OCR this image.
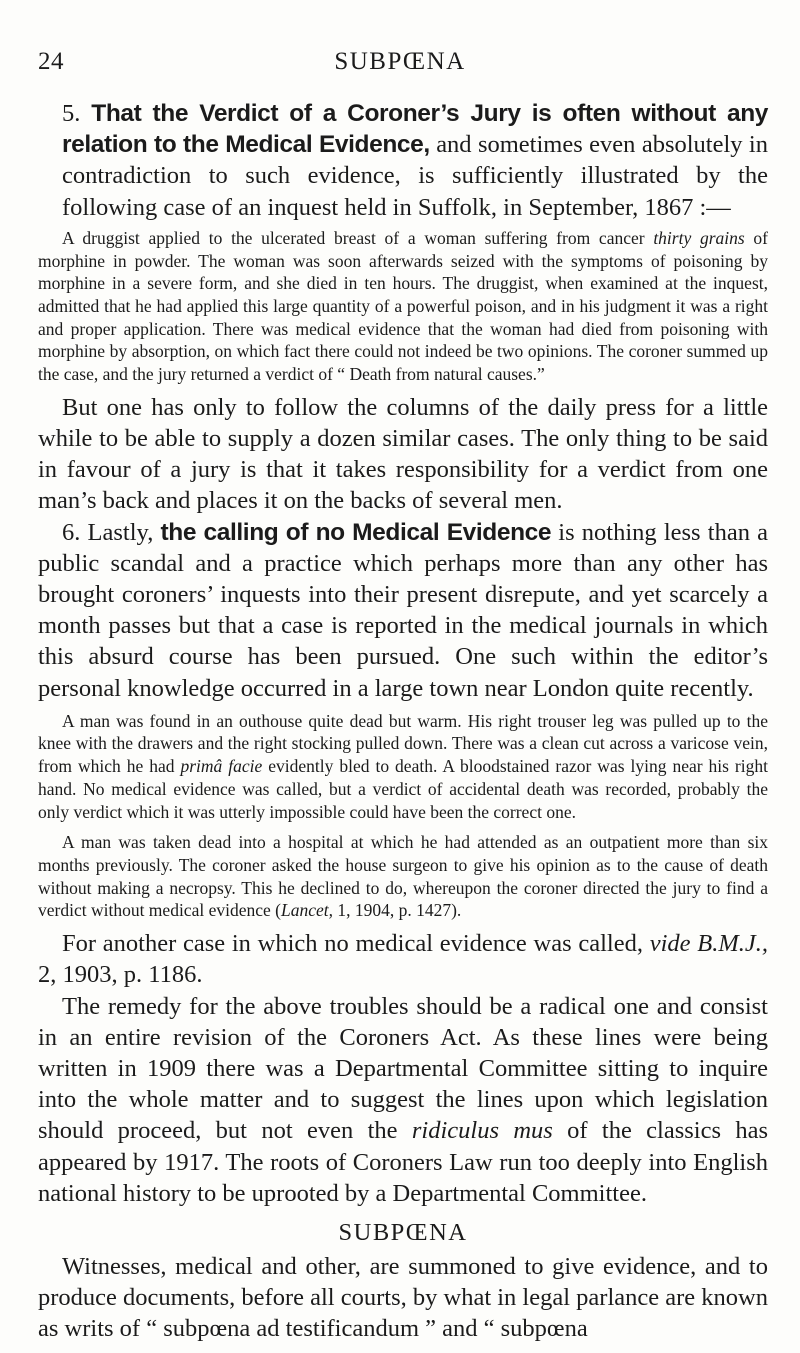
24	SUBPŒNA

5. That the Verdict of a Coroner’s Jury is often without any relation to the Medical Evidence, and sometimes even absolutely in contradiction to such evidence, is sufficiently illustrated by the following case of an inquest held in Suffolk, in September, 1867 :—

A druggist applied to the ulcerated breast of a woman suffering from cancer thirty grains of morphine in powder. The woman was soon afterwards seized with the symptoms of poisoning by morphine in a severe form, and she died in ten hours. The druggist, when examined at the inquest, admitted that he had applied this large quantity of a powerful poison, and in his judgment it was a right and proper application. There was medical evidence that the woman had died from poisoning with morphine by absorption, on which fact there could not indeed be two opinions. The coroner summed up the case, and the jury returned a verdict of “ Death from natural causes.”

But one has only to follow the columns of the daily press for a little while to be able to supply a dozen similar cases. The only thing to be said in favour of a jury is that it takes responsibility for a verdict from one man’s back and places it on the backs of several men.

6. Lastly, the calling of no Medical Evidence is nothing less than a public scandal and a practice which perhaps more than any other has brought coroners’ inquests into their present disrepute, and yet scarcely a month passes but that a case is reported in the medical journals in which this absurd course has been pursued. One such within the editor’s personal knowledge occurred in a large town near London quite recently.

A man was found in an outhouse quite dead but warm. His right trouser leg was pulled up to the knee with the drawers and the right stocking pulled down. There was a clean cut across a varicose vein, from which he had primâ facie evidently bled to death. A bloodstained razor was lying near his right hand. No medical evidence was called, but a verdict of accidental death was recorded, probably the only verdict which it was utterly impossible could have been the correct one.

A man was taken dead into a hospital at which he had attended as an outpatient more than six months previously. The coroner asked the house surgeon to give his opinion as to the cause of death without making a necropsy. This he declined to do, whereupon the coroner directed the jury to find a verdict without medical evidence (Lancet, 1, 1904, p. 1427).

For another case in which no medical evidence was called, vide B.M.J., 2, 1903, p. 1186.

The remedy for the above troubles should be a radical one and consist in an entire revision of the Coroners Act. As these lines were being written in 1909 there was a Departmental Committee sitting to inquire into the whole matter and to suggest the lines upon which legislation should proceed, but not even the ridiculus mus of the classics has appeared by 1917. The roots of Coroners Law run too deeply into English national history to be uprooted by a Departmental Committee.

SUBPŒNA

Witnesses, medical and other, are summoned to give evidence, and to produce documents, before all courts, by what in legal parlance are known as writs of “ subpœna ad testificandum ” and “ subpœna
